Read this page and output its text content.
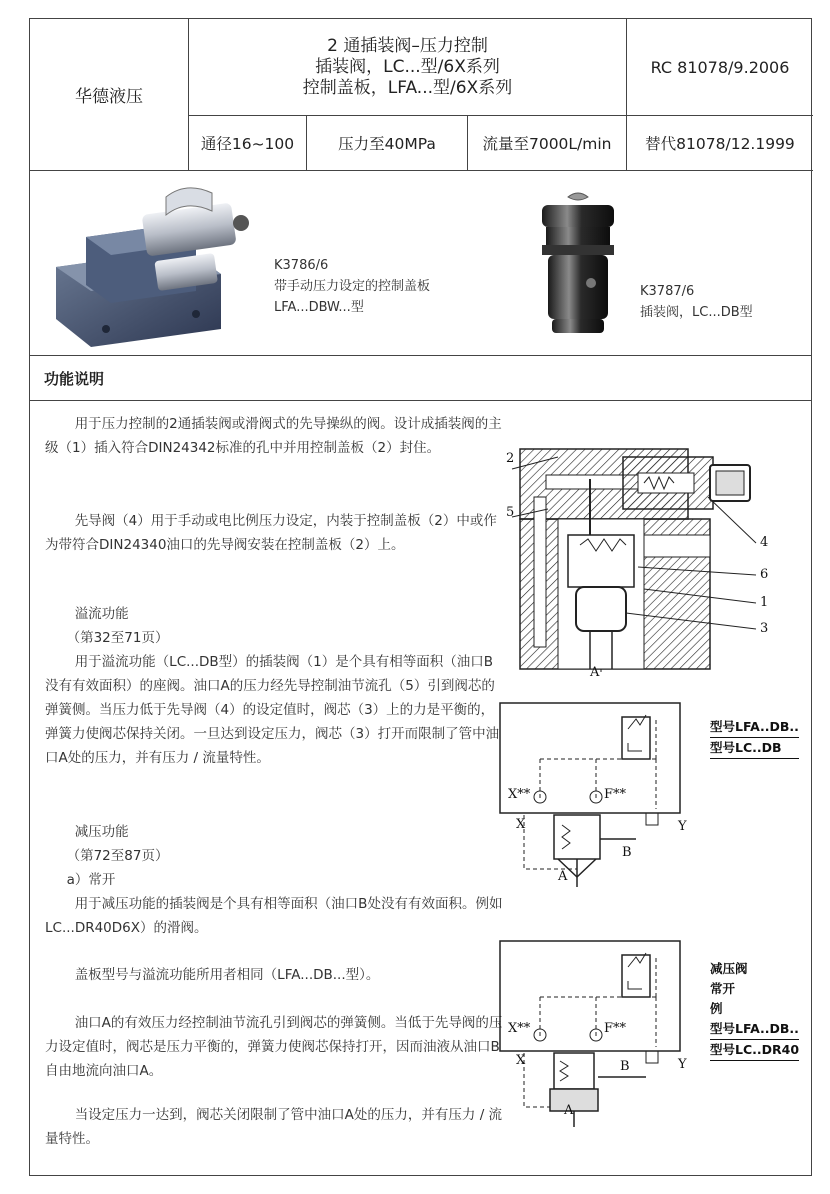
华德液压
2 通插装阀–压力控制
插装阀，LC...型/6X系列
控制盖板，LFA...型/6X系列
RC 81078/9.2006
通径16~100	压力至40MPa	流量至7000L/min	替代81078/12.1999
K3786/6
带手动压力设定的控制盖板
LFA...DBW...型
K3787/6
插装阀，LC...DB型
功能说明
用于压力控制的2通插装阀或滑阀式的先导操纵的阀。设计成插装阀的主级（1）插入符合DIN24342标准的孔中并用控制盖板（2）封住。
先导阀（4）用于手动或电比例压力设定，内装于控制盖板（2）中或作为带符合DIN24340油口的先导阀安装在控制盖板（2）上。
溢流功能
（第32至71页）
用于溢流功能（LC...DB型）的插装阀（1）是个具有相等面积（油口B没有有效面积）的座阀。油口A的压力经先导控制油节流孔（5）引到阀芯的弹簧侧。当压力低于先导阀（4）的设定值时，阀芯（3）上的力是平衡的，弹簧力使阀芯保持关闭。一旦达到设定压力，阀芯（3）打开而限制了管中油口A处的压力，并有压力 / 流量特性。
减压功能
（第72至87页）
a）常开
用于减压功能的插装阀是个具有相等面积（油口B处没有有效面积。例如LC...DR40D6X）的滑阀。
盖板型号与溢流功能所用者相同（LFA...DB...型）。
油口A的有效压力经控制油节流孔引到阀芯的弹簧侧。当低于先导阀的压力设定值时，阀芯是压力平衡的，弹簧力使阀芯保持打开，因而油液从油口B自由地流向油口A。
当设定压力一达到，阀芯关闭限制了管中油口A处的压力，并有压力 / 流量特性。
2
5
4
6
1
3
A
X**	F**
X	Y
B
A
型号LFA..DB..
型号LC..DB
X**	F**
X	Y
B
A
减压阀
常开
例
型号LFA..DB..
型号LC..DR40
